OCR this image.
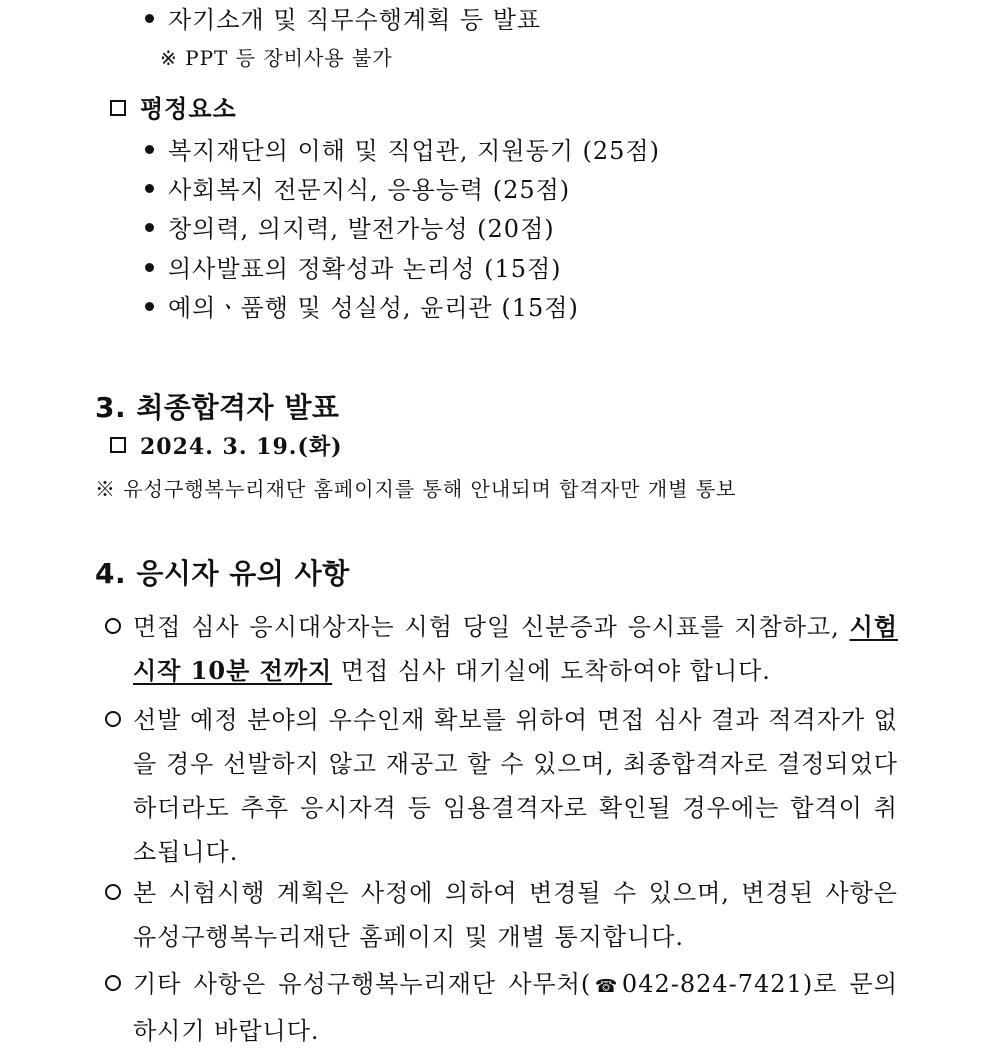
자기소개 및 직무수행계획 등 발표
※ PPT 등 장비사용 불가
평정요소
복지재단의 이해 및 직업관, 지원동기 (25점)
사회복지 전문지식, 응용능력 (25점)
창의력, 의지력, 발전가능성 (20점)
의사발표의 정확성과 논리성 (15점)
예의ㆍ품행 및 성실성, 윤리관 (15점)
3. 최종합격자 발표
2024. 3. 19.(화)
※ 유성구행복누리재단 홈페이지를 통해 안내되며 합격자만 개별 통보
4. 응시자 유의 사항
면접 심사 응시대상자는 시험 당일 신분증과 응시표를 지참하고, 시험 시작 10분 전까지 면접 심사 대기실에 도착하여야 합니다.
선발 예정 분야의 우수인재 확보를 위하여 면접 심사 결과 적격자가 없을 경우 선발하지 않고 재공고 할 수 있으며, 최종합격자로 결정되었다 하더라도 추후 응시자격 등 임용결격자로 확인될 경우에는 합격이 취소됩니다.
본 시험시행 계획은 사정에 의하여 변경될 수 있으며, 변경된 사항은 유성구행복누리재단 홈페이지 및 개별 통지합니다.
기타 사항은 유성구행복누리재단 사무처(☎042-824-7421)로 문의하시기 바랍니다.
